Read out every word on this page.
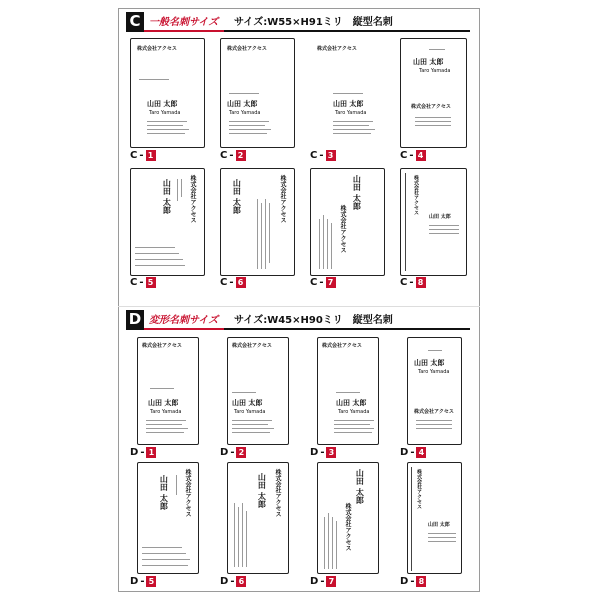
C 一般名刺サイズ サイズ:W55×H91ミリ　縦型名刺
株式会社アクセス
山田 太郎
Taro Yamada
株式会社アクセス
山田 太郎
Taro Yamada
株式会社アクセス
山田 太郎
Taro Yamada
山田 太郎
Taro Yamada
株式会社アクセス
C - 1	C - 2	C - 3	C - 4
株式会社アクセス
山田 太郎	株式会社アクセス
山田 太郎	山田 太郎
株式会社アクセス
株式会社アクセス
山田 太郎
C - 5	C - 6	C - 7	C - 8
D 変形名刺サイズ サイズ:W45×H90ミリ　縦型名刺
株式会社アクセス
山田 太郎
Taro Yamada
株式会社アクセス
山田 太郎
Taro Yamada
株式会社アクセス
山田 太郎
Taro Yamada
山田 太郎
Taro Yamada
株式会社アクセス
D - 1	D - 2	D - 3	D - 4
株式会社アクセス
山田 太郎	株式会社アクセス
山田 太郎	山田 太郎
株式会社アクセス
株式会社アクセス
山田 太郎
D - 5	D - 6	D - 7	D - 8
